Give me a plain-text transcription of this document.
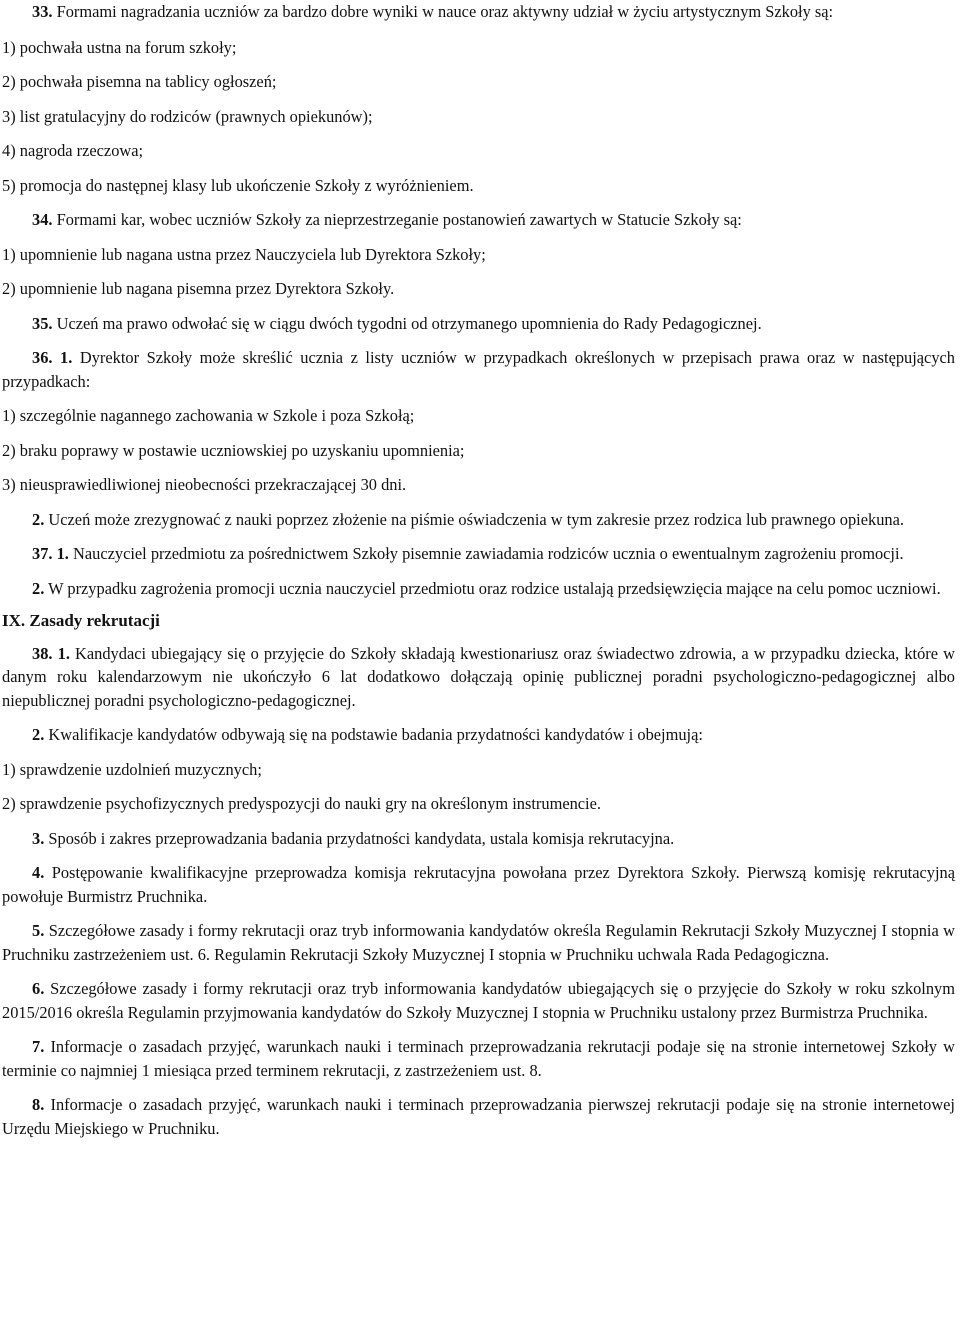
33. Formami nagradzania uczniów za bardzo dobre wyniki w nauce oraz aktywny udział w życiu artystycznym Szkoły są:

1) pochwała ustna na forum szkoły;

2) pochwała pisemna na tablicy ogłoszeń;

3) list gratulacyjny do rodziców (prawnych opiekunów);

4) nagroda rzeczowa;

5) promocja do następnej klasy lub ukończenie Szkoły z wyróżnieniem.

34. Formami kar, wobec uczniów Szkoły za nieprzestrzeganie postanowień zawartych w Statucie Szkoły są:

1) upomnienie lub nagana ustna przez Nauczyciela lub Dyrektora Szkoły;

2) upomnienie lub nagana pisemna przez Dyrektora Szkoły.

35. Uczeń ma prawo odwołać się w ciągu dwóch tygodni od otrzymanego upomnienia do Rady Pedagogicznej.

36. 1. Dyrektor Szkoły może skreślić ucznia z listy uczniów w przypadkach określonych w przepisach prawa oraz w następujących przypadkach:

1) szczególnie nagannego zachowania w Szkole i poza Szkołą;

2) braku poprawy w postawie uczniowskiej po uzyskaniu upomnienia;

3) nieusprawiedliwionej nieobecności przekraczającej 30 dni.

2. Uczeń może zrezygnować z nauki poprzez złożenie na piśmie oświadczenia w tym zakresie przez rodzica lub prawnego opiekuna.

37. 1. Nauczyciel przedmiotu za pośrednictwem Szkoły pisemnie zawiadamia rodziców ucznia o ewentualnym zagrożeniu promocji.

2. W przypadku zagrożenia promocji ucznia nauczyciel przedmiotu oraz rodzice ustalają przedsięwzięcia mające na celu pomoc uczniowi.

IX. Zasady rekrutacji

38. 1. Kandydaci ubiegający się o przyjęcie do Szkoły składają kwestionariusz oraz świadectwo zdrowia, a w przypadku dziecka, które w danym roku kalendarzowym nie ukończyło 6 lat dodatkowo dołączają opinię publicznej poradni psychologiczno-pedagogicznej albo niepublicznej poradni psychologiczno-pedagogicznej.

2. Kwalifikacje kandydatów odbywają się na podstawie badania przydatności kandydatów i obejmują:

1) sprawdzenie uzdolnień muzycznych;

2) sprawdzenie psychofizycznych predyspozycji do nauki gry na określonym instrumencie.

3. Sposób i zakres przeprowadzania badania przydatności kandydata, ustala komisja rekrutacyjna.

4. Postępowanie kwalifikacyjne przeprowadza komisja rekrutacyjna powołana przez Dyrektora Szkoły. Pierwszą komisję rekrutacyjną powołuje Burmistrz Pruchnika.

5. Szczegółowe zasady i formy rekrutacji oraz tryb informowania kandydatów określa Regulamin Rekrutacji Szkoły Muzycznej I stopnia w Pruchniku zastrzeżeniem ust. 6. Regulamin Rekrutacji Szkoły Muzycznej I stopnia w Pruchniku uchwala Rada Pedagogiczna.

6. Szczegółowe zasady i formy rekrutacji oraz tryb informowania kandydatów ubiegających się o przyjęcie do Szkoły w roku szkolnym 2015/2016 określa Regulamin przyjmowania kandydatów do Szkoły Muzycznej I stopnia w Pruchniku ustalony przez Burmistrza Pruchnika.

7. Informacje o zasadach przyjęć, warunkach nauki i terminach przeprowadzania rekrutacji podaje się na stronie internetowej Szkoły w terminie co najmniej 1 miesiąca przed terminem rekrutacji, z zastrzeżeniem ust. 8.

8. Informacje o zasadach przyjęć, warunkach nauki i terminach przeprowadzania pierwszej rekrutacji podaje się na stronie internetowej Urzędu Miejskiego w Pruchniku.
